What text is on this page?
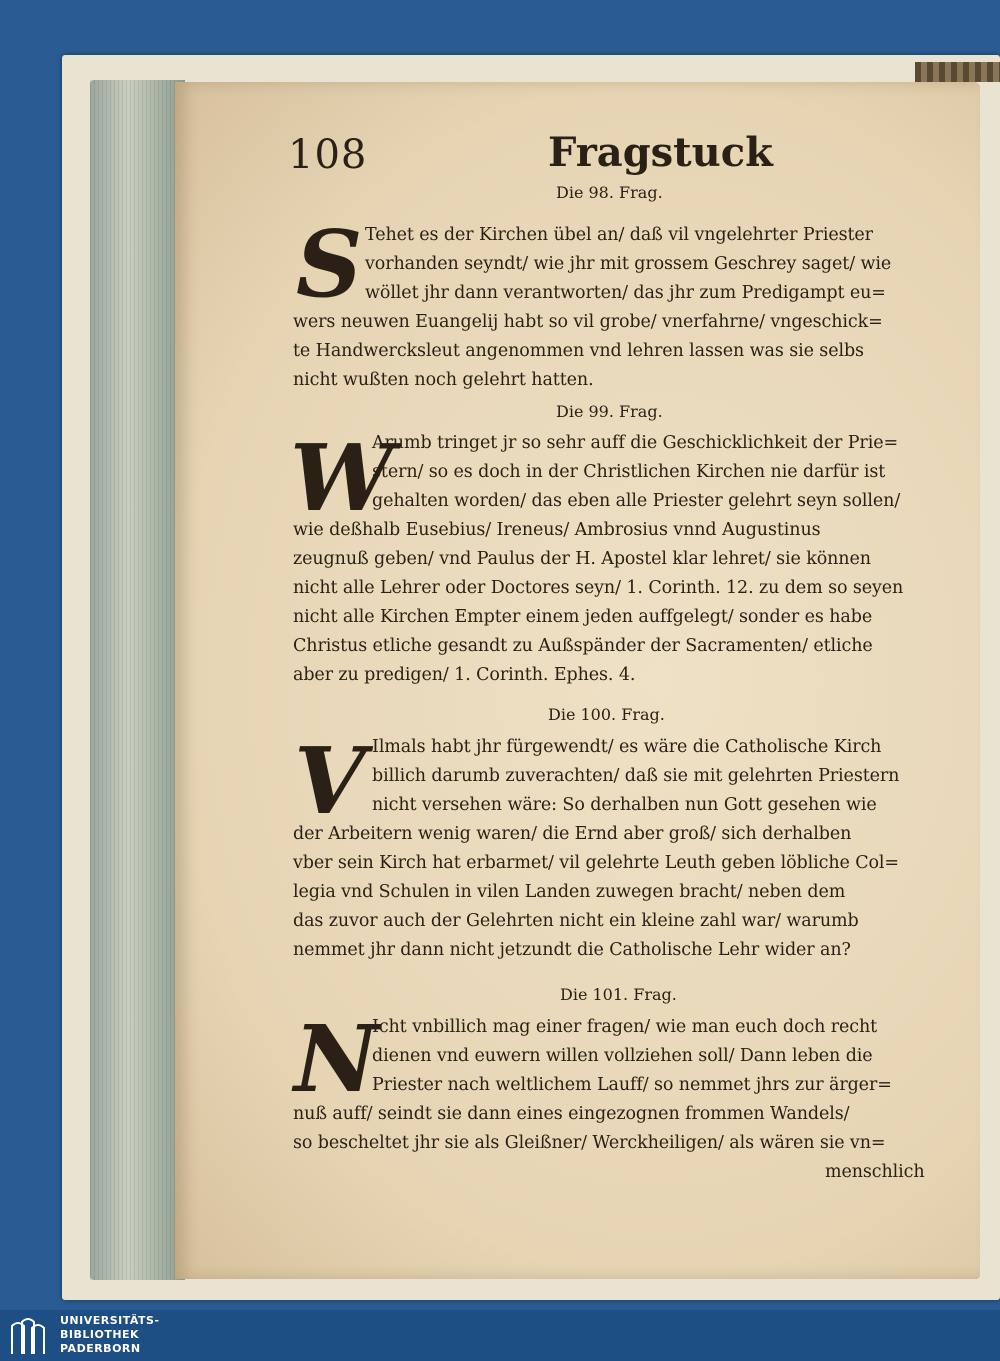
108	Fragstuck
Die 98. Frag.
S Tehet es der Kirchen übel an/ daß vil vngelehrter Priester
vorhanden seyndt/ wie jhr mit grossem Geschrey saget/ wie
wöllet jhr dann verantworten/ das jhr zum Predigampt eu=
wers neuwen Euangelij habt so vil grobe/ vnerfahrne/ vngeschick=
te Handwercksleut angenommen vnd lehren lassen was sie selbs
nicht wußten noch gelehrt hatten.
Die 99. Frag.
W
Arumb tringet jr so sehr auff die Geschicklichkeit der Prie=
stern/ so es doch in der Christlichen Kirchen nie darfür ist
gehalten worden/ das eben alle Priester gelehrt seyn sollen/
wie deßhalb Eusebius/ Ireneus/ Ambrosius vnnd Augustinus
zeugnuß geben/ vnd Paulus der H. Apostel klar lehret/ sie können
nicht alle Lehrer oder Doctores seyn/ 1. Corinth. 12. zu dem so seyen
nicht alle Kirchen Empter einem jeden auffgelegt/ sonder es habe
Christus etliche gesandt zu Außspänder der Sacramenten/ etliche
aber zu predigen/ 1. Corinth. Ephes. 4.
Die 100. Frag.
V Ilmals habt jhr fürgewendt/ es wäre die Catholische Kirch
billich darumb zuverachten/ daß sie mit gelehrten Priestern
nicht versehen wäre: So derhalben nun Gott gesehen wie
der Arbeitern wenig waren/ die Ernd aber groß/ sich derhalben
vber sein Kirch hat erbarmet/ vil gelehrte Leuth geben löbliche Col=
legia vnd Schulen in vilen Landen zuwegen bracht/ neben dem
das zuvor auch der Gelehrten nicht ein kleine zahl war/ warumb
nemmet jhr dann nicht jetzundt die Catholische Lehr wider an?
Die 101. Frag.
N
Icht vnbillich mag einer fragen/ wie man euch doch recht
dienen vnd euwern willen vollziehen soll/ Dann leben die
Priester nach weltlichem Lauff/ so nemmet jhrs zur ärger=
nuß auff/ seindt sie dann eines eingezognen frommen Wandels/
so bescheltet jhr sie als Gleißner/ Werckheiligen/ als wären sie vn=
menschlich
UNIVERSITÄTS-
BIBLIOTHEK
PADERBORN
